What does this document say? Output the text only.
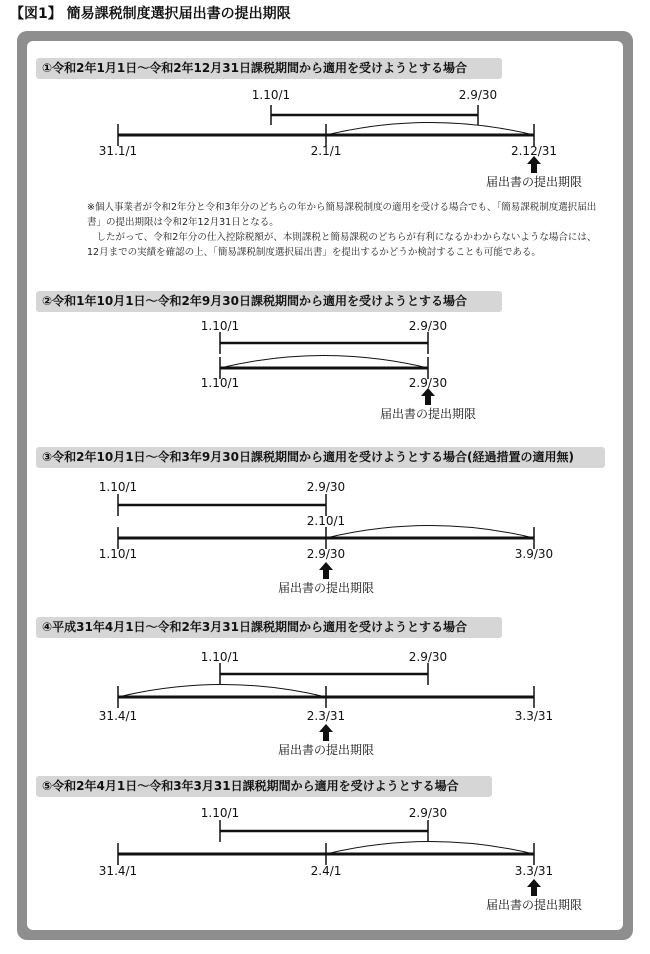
【図1】 簡易課税制度選択届出書の提出期限
①令和2年1月1日～令和2年12月31日課税期間から適用を受けようとする場合
1.10/1	2.9/30
31.1/1	2.1/1	2.12/31
届出書の提出期限

※個人事業者が令和2年分と令和3年分のどちらの年から簡易課税制度の適用を受ける場合でも、「簡易課税制度選択届出書」の提出期限は令和2年12月31日となる。

　したがって、令和2年分の仕入控除税額が、本則課税と簡易課税のどちらが有利になるかわからないような場合には、12月までの実績を確認の上、「簡易課税制度選択届出書」を提出するかどうか検討することも可能である。

②令和1年10月1日～令和2年9月30日課税期間から適用を受けようとする場合
1.10/1	2.9/30
1.10/1	2.9/30
届出書の提出期限
③令和2年10月1日～令和3年9月30日課税期間から適用を受けようとする場合(経過措置の適用無)
1.10/1	2.9/30
2.10/1
1.10/1	2.9/30	3.9/30
届出書の提出期限
④平成31年4月1日～令和2年3月31日課税期間から適用を受けようとする場合
1.10/1	2.9/30
31.4/1	2.3/31	3.3/31
届出書の提出期限
⑤令和2年4月1日～令和3年3月31日課税期間から適用を受けようとする場合
1.10/1	2.9/30
31.4/1	2.4/1	3.3/31
届出書の提出期限
